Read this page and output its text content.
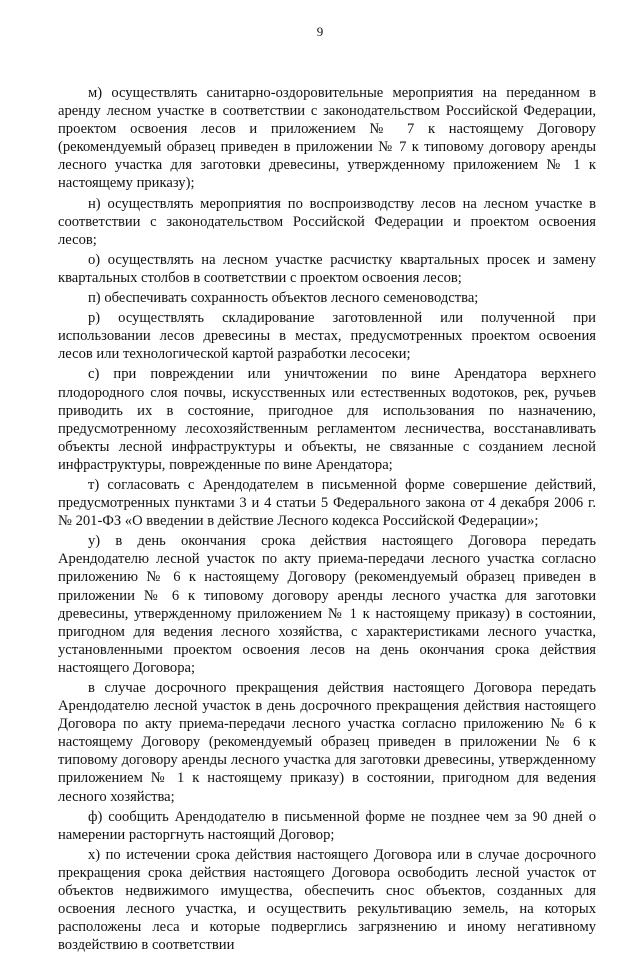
9

м) осуществлять санитарно-оздоровительные мероприятия на переданном в аренду лесном участке в соответствии с законодательством Российской Федерации, проектом освоения лесов и приложением № 7 к настоящему Договору (рекомендуемый образец приведен в приложении № 7 к типовому договору аренды лесного участка для заготовки древесины, утвержденному приложением № 1 к настоящему приказу);

н) осуществлять мероприятия по воспроизводству лесов на лесном участке в соответствии с законодательством Российской Федерации и проектом освоения лесов;

о) осуществлять на лесном участке расчистку квартальных просек и замену квартальных столбов в соответствии с проектом освоения лесов;

п) обеспечивать сохранность объектов лесного семеноводства;

р) осуществлять складирование заготовленной или полученной при использовании лесов древесины в местах, предусмотренных проектом освоения лесов или технологической картой разработки лесосеки;

с) при повреждении или уничтожении по вине Арендатора верхнего плодородного слоя почвы, искусственных или естественных водотоков, рек, ручьев приводить их в состояние, пригодное для использования по назначению, предусмотренному лесохозяйственным регламентом лесничества, восстанавливать объекты лесной инфраструктуры и объекты, не связанные с созданием лесной инфраструктуры, поврежденные по вине Арендатора;

т) согласовать с Арендодателем в письменной форме совершение действий, предусмотренных пунктами 3 и 4 статьи 5 Федерального закона от 4 декабря 2006 г. № 201-ФЗ «О введении в действие Лесного кодекса Российской Федерации»;

у) в день окончания срока действия настоящего Договора передать Арендодателю лесной участок по акту приема-передачи лесного участка согласно приложению № 6 к настоящему Договору (рекомендуемый образец приведен в приложении № 6 к типовому договору аренды лесного участка для заготовки древесины, утвержденному приложением № 1 к настоящему приказу) в состоянии, пригодном для ведения лесного хозяйства, с характеристиками лесного участка, установленными проектом освоения лесов на день окончания срока действия настоящего Договора;

в случае досрочного прекращения действия настоящего Договора передать Арендодателю лесной участок в день досрочного прекращения действия настоящего Договора по акту приема-передачи лесного участка согласно приложению № 6 к настоящему Договору (рекомендуемый образец приведен в приложении № 6 к типовому договору аренды лесного участка для заготовки древесины, утвержденному приложением № 1 к настоящему приказу) в состоянии, пригодном для ведения лесного хозяйства;

ф) сообщить Арендодателю в письменной форме не позднее чем за 90 дней о намерении расторгнуть настоящий Договор;

х) по истечении срока действия настоящего Договора или в случае досрочного прекращения срока действия настоящего Договора освободить лесной участок от объектов недвижимого имущества, обеспечить снос объектов, созданных для освоения лесного участка, и осуществить рекультивацию земель, на которых расположены леса и которые подверглись загрязнению и иному негативному воздействию в соответствии
